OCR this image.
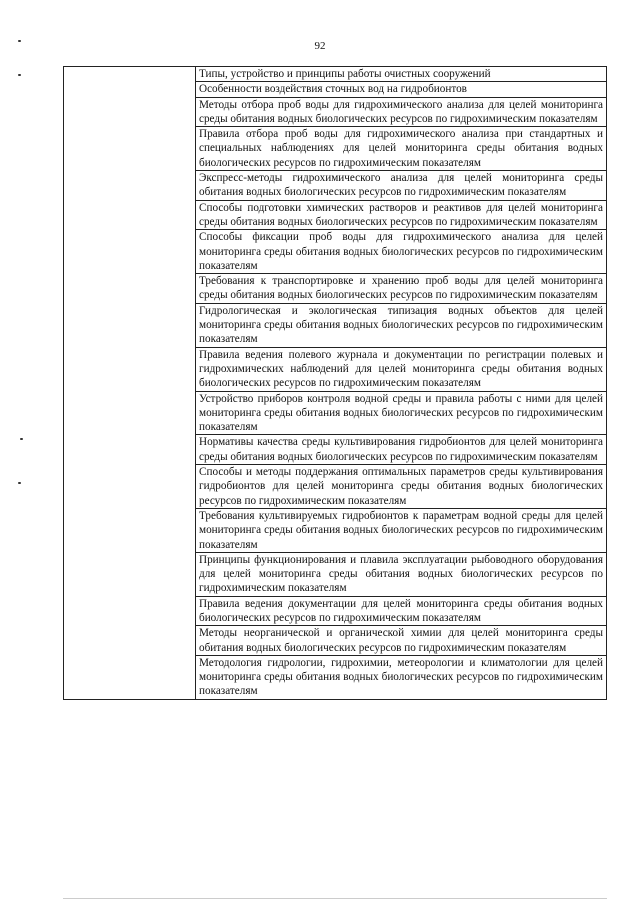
92

Типы, устройство и принципы работы очистных сооружений

Особенности воздействия сточных вод на гидробионтов

Методы отбора проб воды для гидрохимического анализа для целей мониторинга среды обитания водных биологических ресурсов по гидрохимическим показателям

Правила отбора проб воды для гидрохимического анализа при стандартных и специальных наблюдениях для целей мониторинга среды обитания водных биологических ресурсов по гидрохимическим показателям

Экспресс-методы гидрохимического анализа для целей мониторинга среды обитания водных биологических ресурсов по гидрохимическим показателям

Способы подготовки химических растворов и реактивов для целей мониторинга среды обитания водных биологических ресурсов по гидрохимическим показателям

Способы фиксации проб воды для гидрохимического анализа для целей мониторинга среды обитания водных биологических ресурсов по гидрохимическим показателям

Требования к транспортировке и хранению проб воды для целей мониторинга среды обитания водных биологических ресурсов по гидрохимическим показателям

Гидрологическая и экологическая типизация водных объектов для целей мониторинга среды обитания водных биологических ресурсов по гидрохимическим показателям

Правила ведения полевого журнала и документации по регистрации полевых и гидрохимических наблюдений для целей мониторинга среды обитания водных биологических ресурсов по гидрохимическим показателям

Устройство приборов контроля водной среды и правила работы с ними для целей мониторинга среды обитания водных биологических ресурсов по гидрохимическим показателям

Нормативы качества среды культивирования гидробионтов для целей мониторинга среды обитания водных биологических ресурсов по гидрохимическим показателям

Способы и методы поддержания оптимальных параметров среды культивирования гидробионтов для целей мониторинга среды обитания водных биологических ресурсов по гидрохимическим показателям

Требования культивируемых гидробионтов к параметрам водной среды для целей мониторинга среды обитания водных биологических ресурсов по гидрохимическим показателям

Принципы функционирования и плавила эксплуатации рыбоводного оборудования для целей мониторинга среды обитания водных биологических ресурсов по гидрохимическим показателям

Правила ведения документации для целей мониторинга среды обитания водных биологических ресурсов по гидрохимическим показателям

Методы неорганической и органической химии для целей мониторинга среды обитания водных биологических ресурсов по гидрохимическим показателям

Методология гидрологии, гидрохимии, метеорологии и климатологии для целей мониторинга среды обитания водных биологических ресурсов по гидрохимическим показателям
